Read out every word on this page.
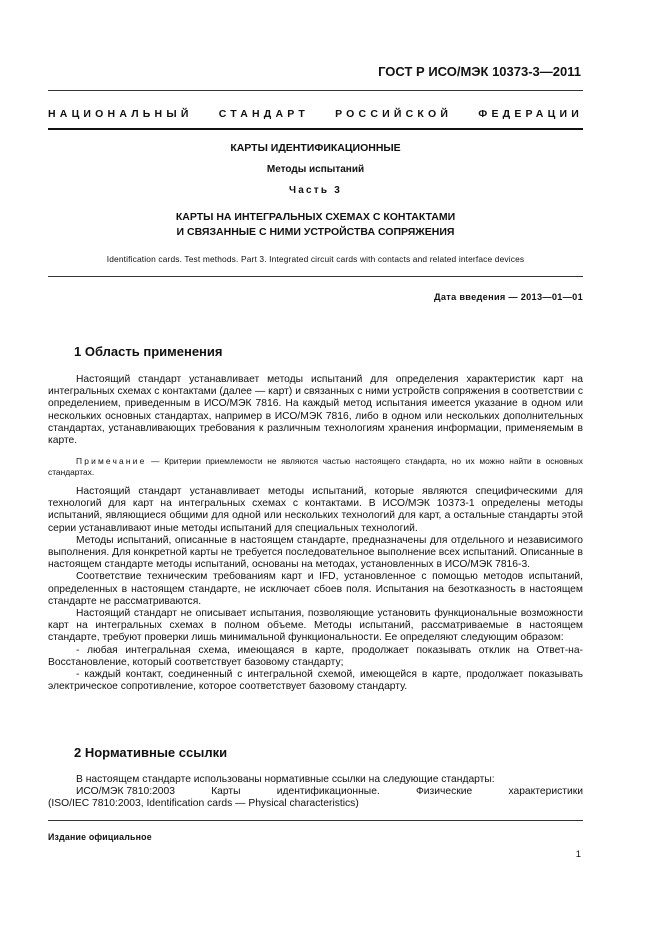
ГОСТ Р ИСО/МЭК 10373-3—2011
НАЦИОНАЛЬНЫЙ СТАНДАРТ РОССИЙСКОЙ ФЕДЕРАЦИИ
КАРТЫ ИДЕНТИФИКАЦИОННЫЕ
Методы испытаний
Часть 3
КАРТЫ НА ИНТЕГРАЛЬНЫХ СХЕМАХ С КОНТАКТАМИ
И СВЯЗАННЫЕ С НИМИ УСТРОЙСТВА СОПРЯЖЕНИЯ
Identification cards. Test methods. Part 3. Integrated circuit cards with contacts and related interface devices
Дата введения — 2013—01—01
1 Область применения

Настоящий стандарт устанавливает методы испытаний для определения характеристик карт на интегральных схемах с контактами (далее — карт) и связанных с ними устройств сопряжения в соответствии с определением, приведенным в ИСО/МЭК 7816. На каждый метод испытания имеется указание в одном или нескольких основных стандартах, например в ИСО/МЭК 7816, либо в одном или нескольких дополнительных стандартах, устанавливающих требования к различным технологиям хранения информации, применяемым в карте.

Примечание — Критерии приемлемости не являются частью настоящего стандарта, но их можно найти в основных стандартах.

Настоящий стандарт устанавливает методы испытаний, которые являются специфическими для технологий для карт на интегральных схемах с контактами. В ИСО/МЭК 10373-1 определены методы испытаний, являющиеся общими для одной или нескольких технологий для карт, а остальные стандарты этой серии устанавливают иные методы испытаний для специальных технологий.

Методы испытаний, описанные в настоящем стандарте, предназначены для отдельного и независимого выполнения. Для конкретной карты не требуется последовательное выполнение всех испытаний. Описанные в настоящем стандарте методы испытаний, основаны на методах, установленных в ИСО/МЭК 7816-3.

Соответствие техническим требованиям карт и IFD, установленное с помощью методов испытаний, определенных в настоящем стандарте, не исключает сбоев поля. Испытания на безотказность в настоящем стандарте не рассматриваются.

Настоящий стандарт не описывает испытания, позволяющие установить функциональные возможности карт на интегральных схемах в полном объеме. Методы испытаний, рассматриваемые в настоящем стандарте, требуют проверки лишь минимальной функциональности. Ее определяют следующим образом:

- любая интегральная схема, имеющаяся в карте, продолжает показывать отклик на Ответ-на-Восстановление, который соответствует базовому стандарту;

- каждый контакт, соединенный с интегральной схемой, имеющейся в карте, продолжает показывать электрическое сопротивление, которое соответствует базовому стандарту.

2 Нормативные ссылки

В настоящем стандарте использованы нормативные ссылки на следующие стандарты:

ИСО/МЭК 7810:2003	Карты	идентификационные.	Физические	характеристики
(ISO/IEC 7810:2003, Identification cards — Physical characteristics)
Издание официальное
1
